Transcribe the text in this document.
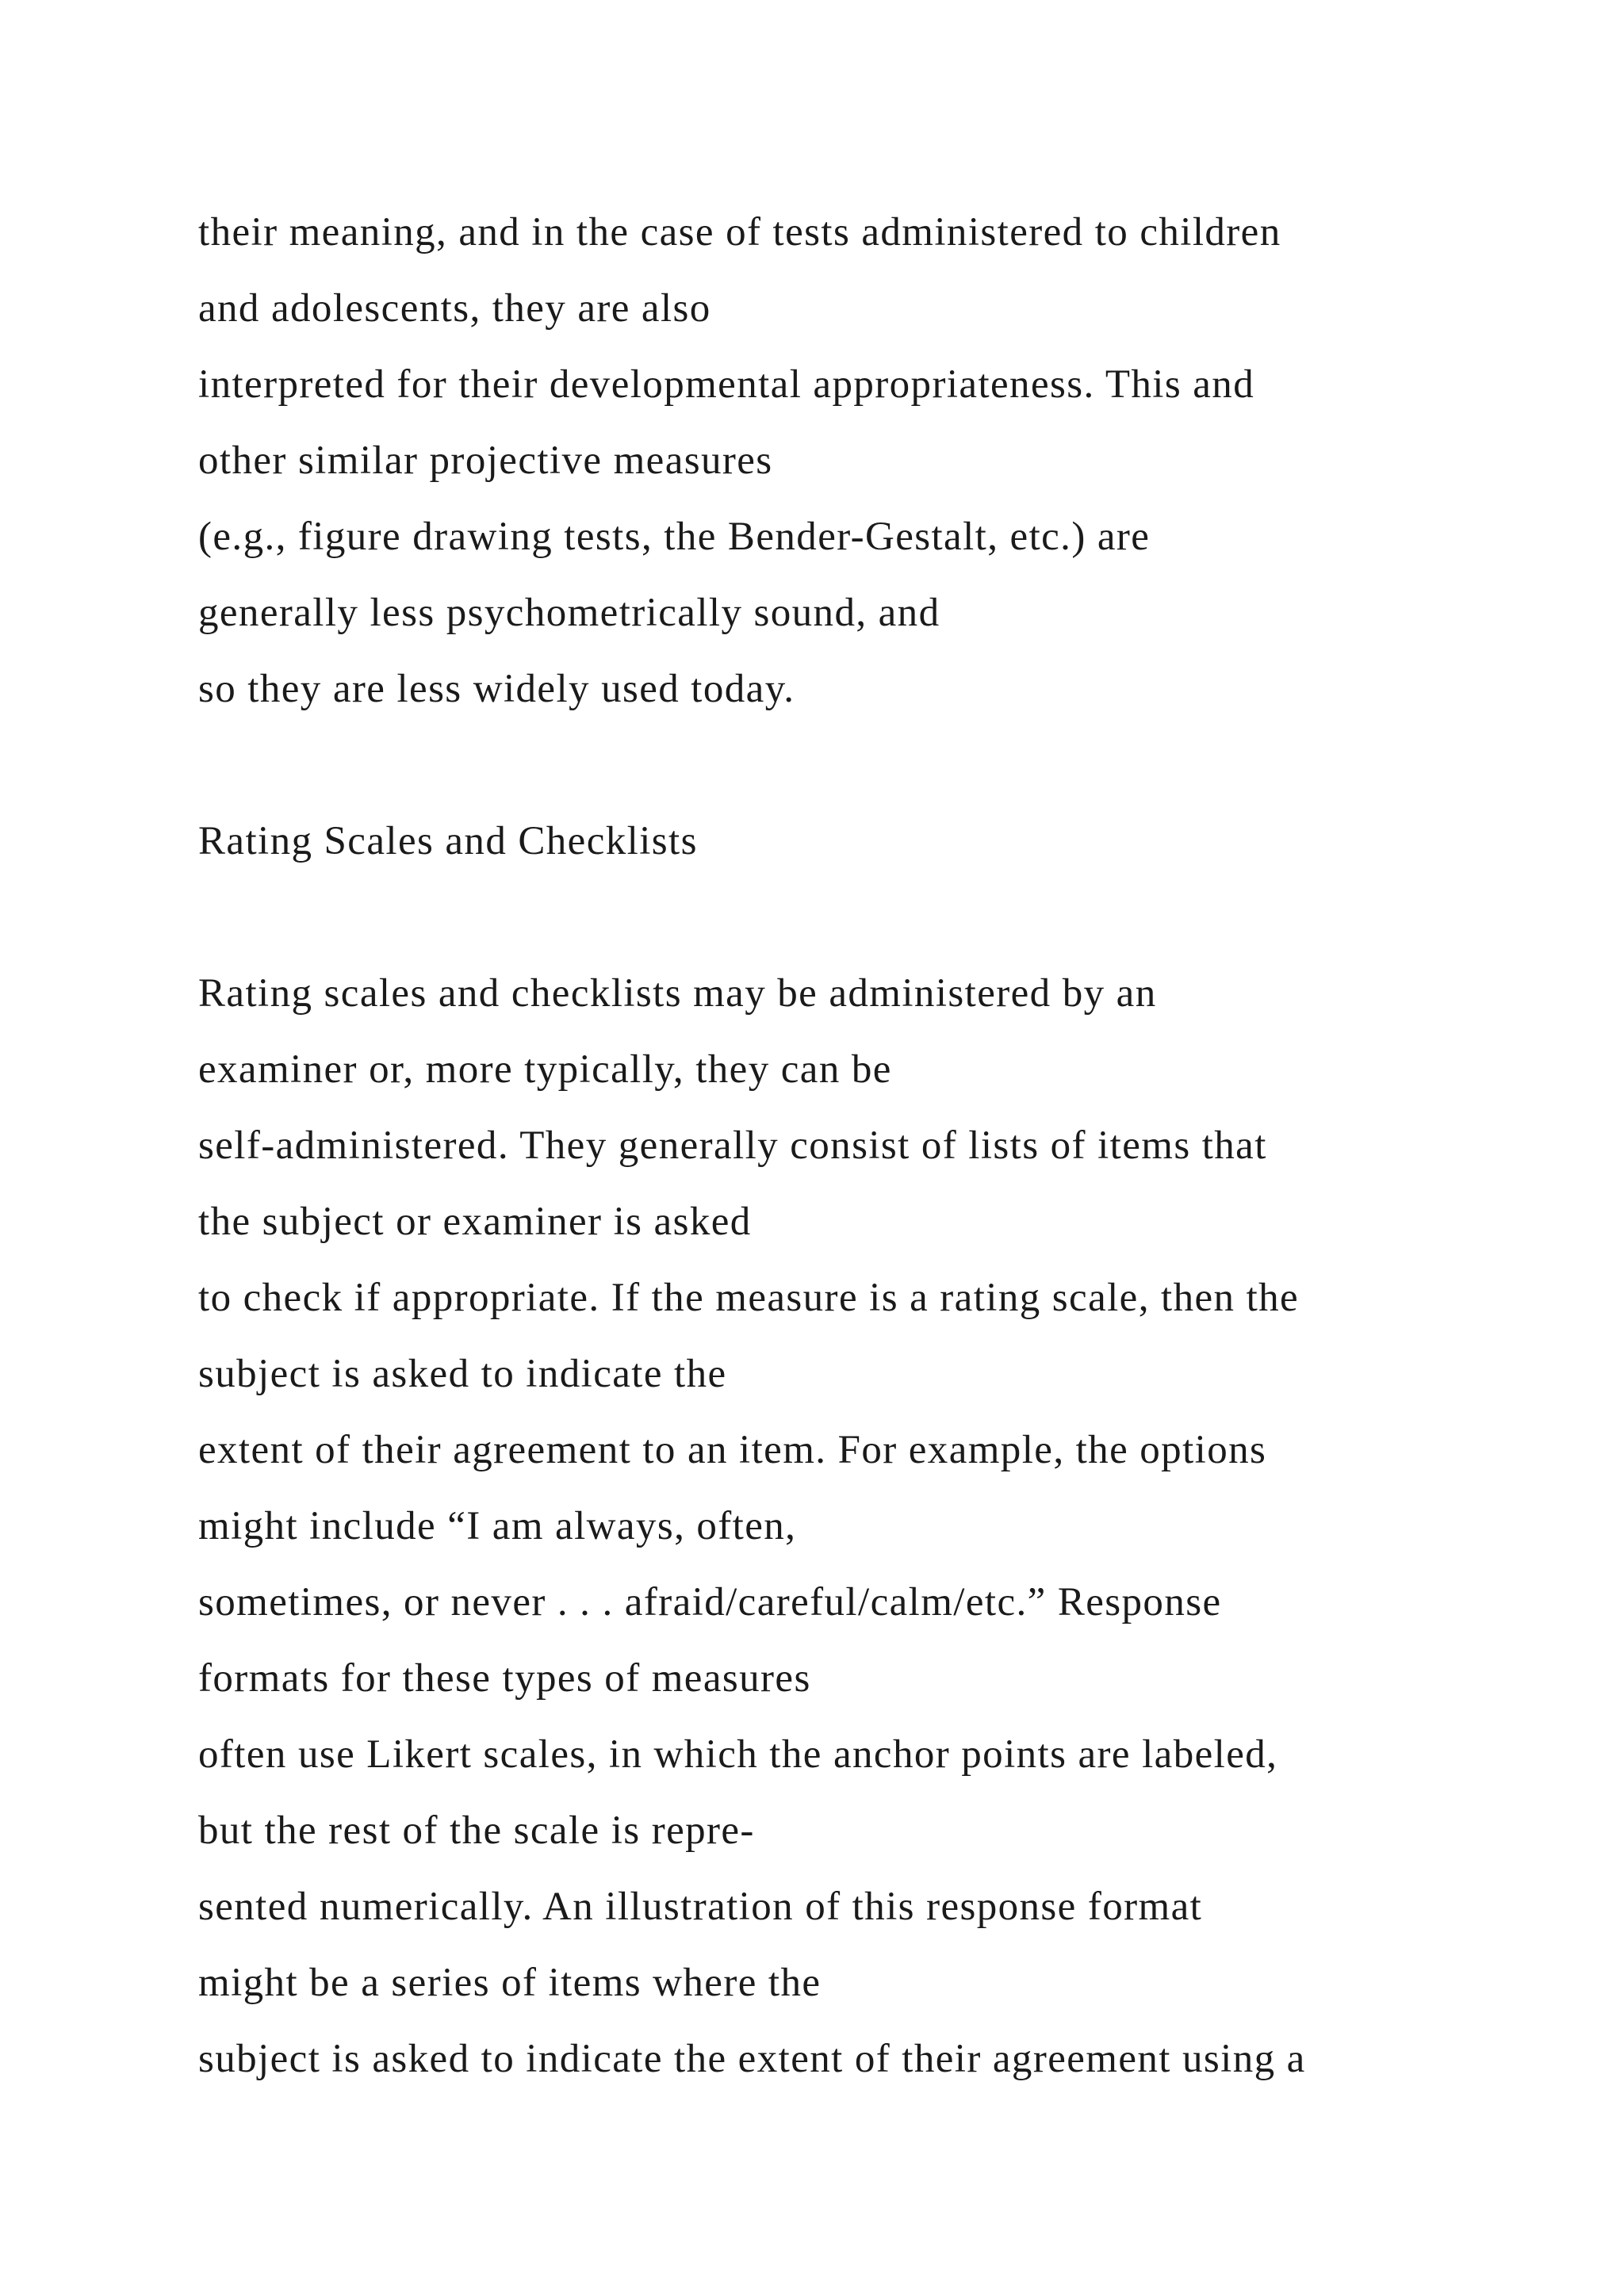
their meaning, and in the case of tests administered to children
and adolescents, they are also
interpreted for their developmental appropriateness. This and
other similar projective measures
(e.g., figure drawing tests, the Bender-Gestalt, etc.) are
generally less psychometrically sound, and
so they are less widely used today.
Rating Scales and Checklists
Rating scales and checklists may be administered by an
examiner or, more typically, they can be
self-administered. They generally consist of lists of items that
the subject or examiner is asked
to check if appropriate. If the measure is a rating scale, then the
subject is asked to indicate the
extent of their agreement to an item. For example, the options
might include “I am always, often,
sometimes, or never . . . afraid/careful/calm/etc.” Response
formats for these types of measures
often use Likert scales, in which the anchor points are labeled,
but the rest of the scale is repre-
sented numerically. An illustration of this response format
might be a series of items where the
subject is asked to indicate the extent of their agreement using a
